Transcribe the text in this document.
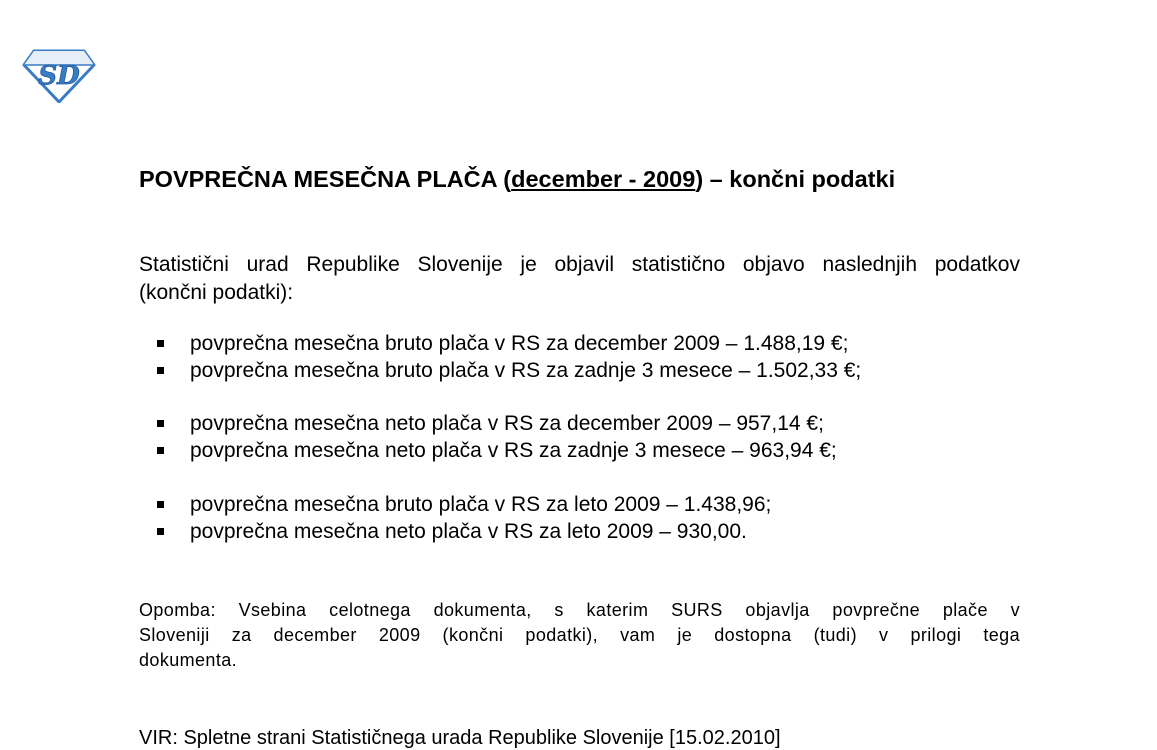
SD
POVPREČNA MESEČNA PLAČA (december - 2009) – končni podatki

Statistični urad Republike Slovenije je objavil statistično objavo naslednjih podatkov
(končni podatki):

povprečna mesečna bruto plača v RS za december 2009 – 1.488,19 €;
povprečna mesečna bruto plača v RS za zadnje 3 mesece – 1.502,33 €;
povprečna mesečna neto plača v RS za december 2009 – 957,14 €;
povprečna mesečna neto plača v RS za zadnje 3 mesece – 963,94 €;
povprečna mesečna bruto plača v RS za leto 2009 – 1.438,96;
povprečna mesečna neto plača v RS za leto 2009 – 930,00.

Opomba: Vsebina celotnega dokumenta, s katerim SURS objavlja povprečne plače v
Sloveniji za december 2009 (končni podatki), vam je dostopna (tudi) v prilogi tega
dokumenta.

VIR: Spletne strani Statističnega urada Republike Slovenije [15.02.2010]
